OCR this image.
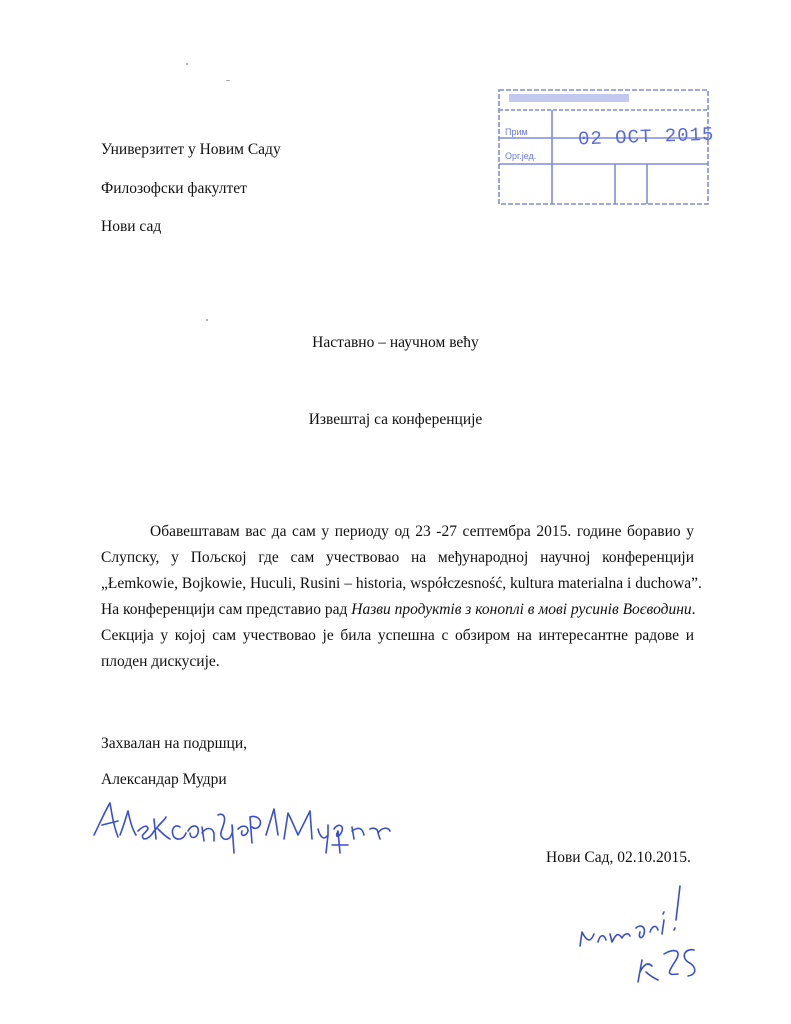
Прим
Орг.јед.
02 OCT 2015
Универзитет у Новим Саду
Филозофски факултет
Нови сад
Наставно – научном већу
Извештај са конференције
Обавештавам вас да сам у периоду од 23 -27 септембра 2015. године боравио у
Слупску, у Пољској где сам учествовао на међународној научној конференцији
„Łemkowie, Bojkowie, Huculi, Rusini – historia, współczesność, kultura materialna i duchowa”.
На конференцији сам представио рад Назви продуктів з коноплі в мові русинів Воєводини.
Секција у којој сам учествовао је била успешна с обзиром на интересантне радове и
плоден дискусије.
Захвалан на подршци,
Александар Мудри
Нови Сад, 02.10.2015.
